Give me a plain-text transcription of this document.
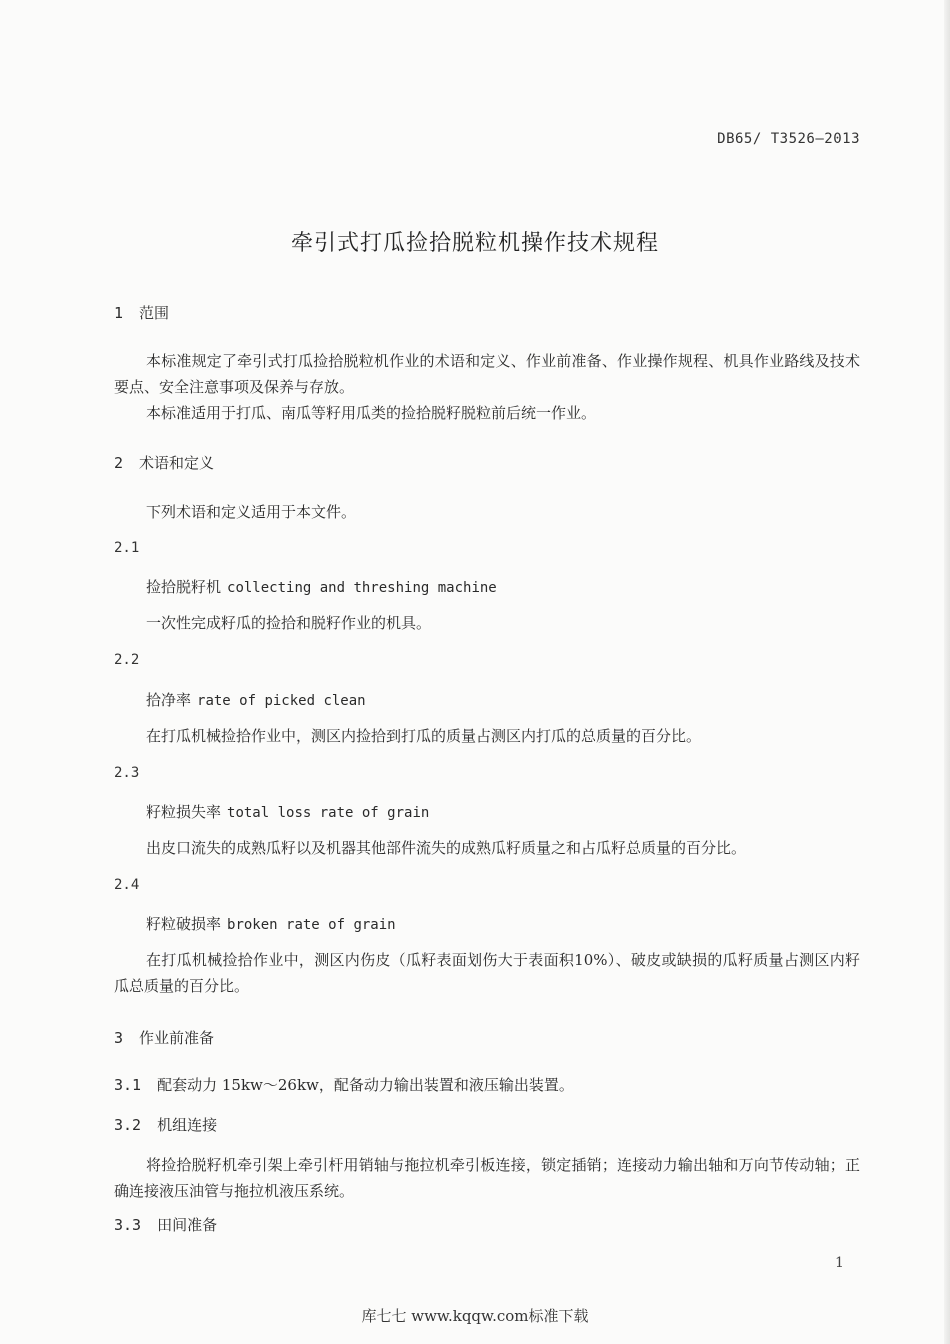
DB65/ T3526—2013
牵引式打瓜捡拾脱粒机操作技术规程
1 范围
本标准规定了牵引式打瓜捡拾脱粒机作业的术语和定义、作业前准备、作业操作规程、机具作业路线及技术要点、安全注意事项及保养与存放。
本标准适用于打瓜、南瓜等籽用瓜类的捡拾脱籽脱粒前后统一作业。
2 术语和定义
下列术语和定义适用于本文件。
2.1
捡拾脱籽机 collecting and threshing machine
一次性完成籽瓜的捡拾和脱籽作业的机具。
2.2
拾净率 rate of picked clean
在打瓜机械捡拾作业中，测区内捡拾到打瓜的质量占测区内打瓜的总质量的百分比。
2.3
籽粒损失率 total loss rate of grain
出皮口流失的成熟瓜籽以及机器其他部件流失的成熟瓜籽质量之和占瓜籽总质量的百分比。
2.4
籽粒破损率 broken rate of grain
在打瓜机械捡拾作业中，测区内伤皮（瓜籽表面划伤大于表面积10%）、破皮或缺损的瓜籽质量占测区内籽瓜总质量的百分比。
3 作业前准备
3.1 配套动力 15kw～26kw，配备动力输出装置和液压输出装置。
3.2 机组连接
将捡拾脱籽机牵引架上牵引杆用销轴与拖拉机牵引板连接，锁定插销；连接动力输出轴和万向节传动轴；正确连接液压油管与拖拉机液压系统。
3.3 田间准备
1
库七七 www.kqqw.com标准下载
